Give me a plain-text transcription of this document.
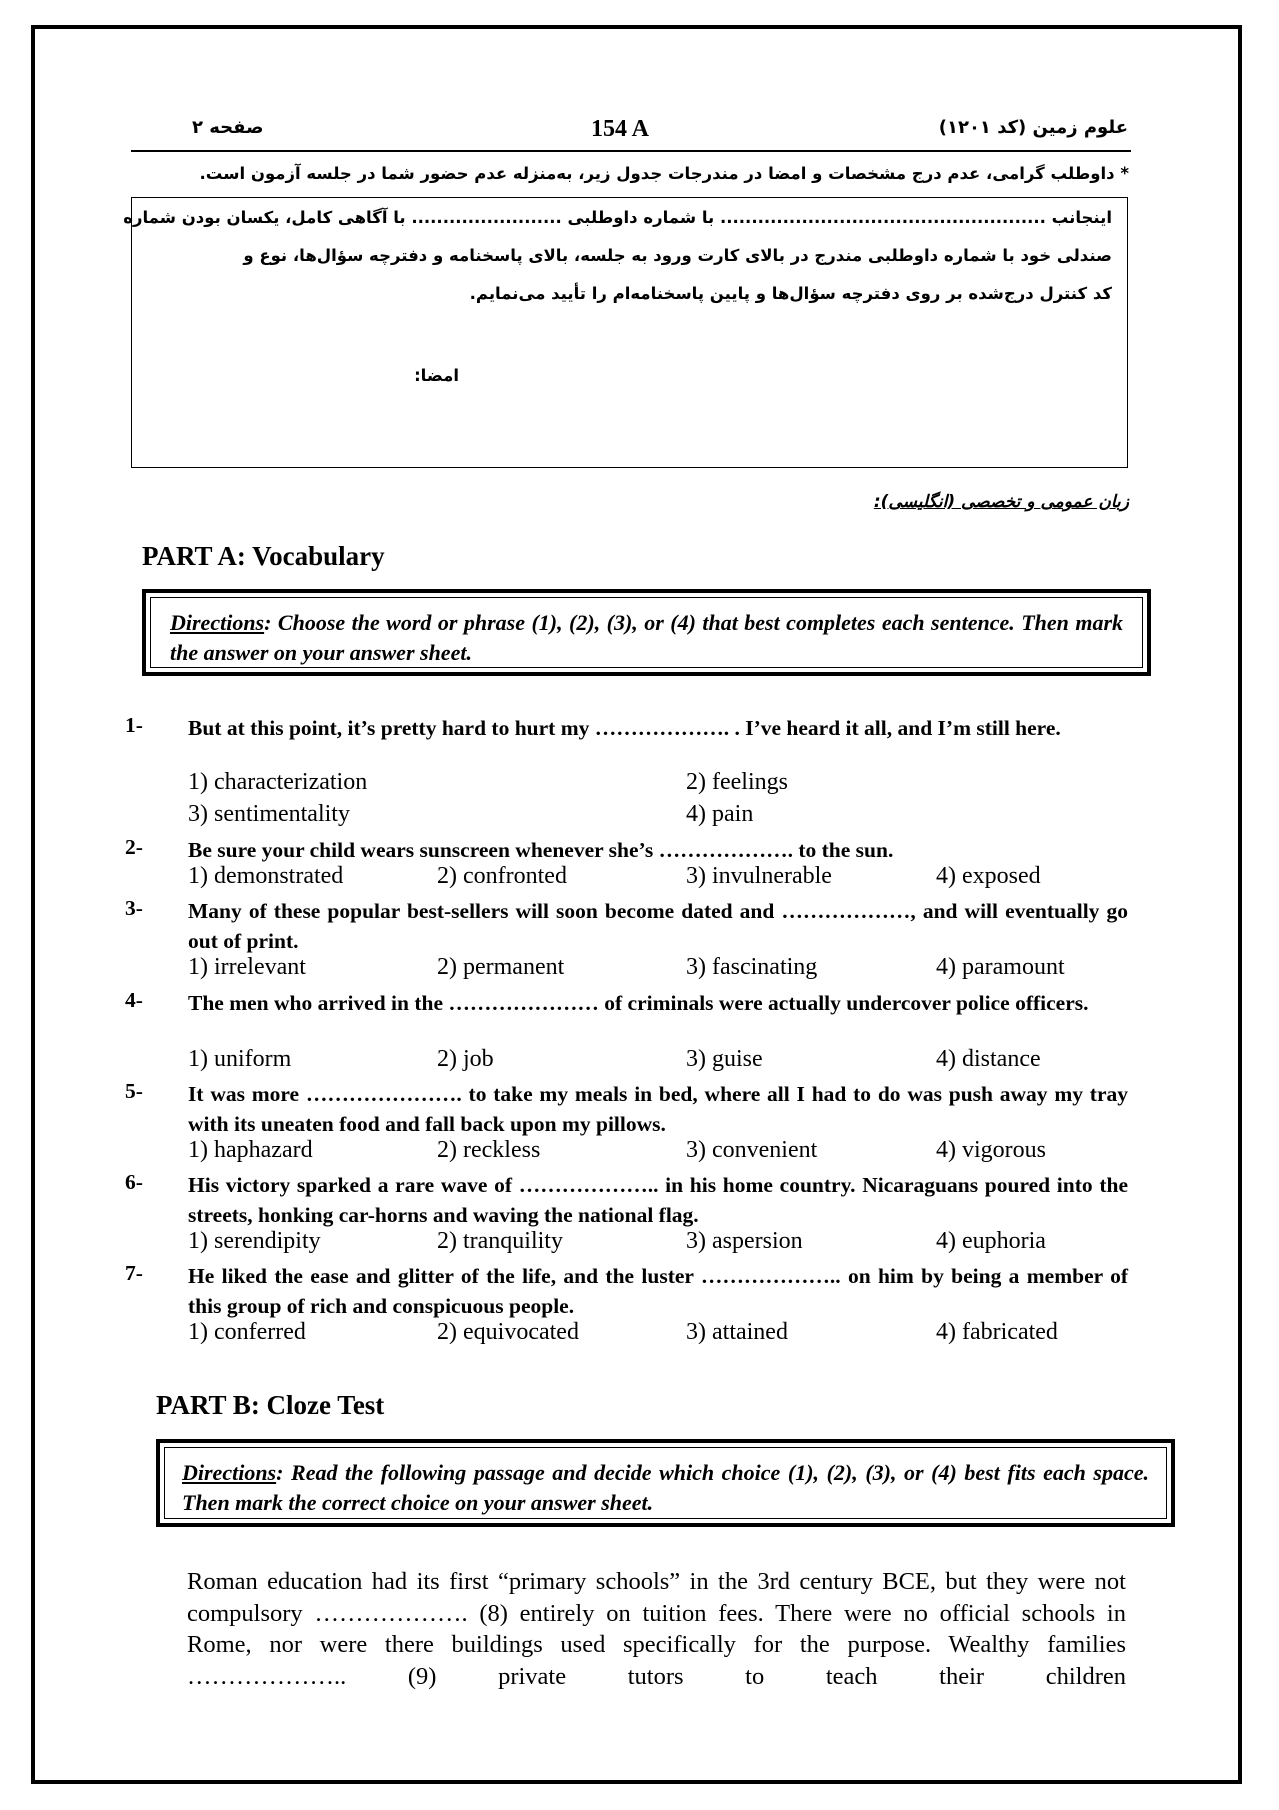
علوم زمین (کد ۱۲۰۱)
154 A
صفحه ۲
* داوطلب گرامی، عدم درج مشخصات و امضا در مندرجات جدول زیر، به‌منزله عدم حضور شما در جلسه آزمون است.
اینجانب .................................................... با شماره داوطلبی ........................ با آگاهی کامل، یکسان بودن شماره
صندلی خود با شماره داوطلبی مندرج در بالای کارت ورود به جلسه، بالای پاسخنامه و دفترچه سؤال‌ها، نوع و
کد کنترل درج‌شده بر روی دفترچه سؤال‌ها و پایین پاسخنامه‌ام را تأیید می‌نمایم.
امضا:
زبان عمومی و تخصصی (انگلیسی):
PART A: Vocabulary
Directions: Choose the word or phrase (1), (2), (3), or (4) that best completes each sentence. Then mark the answer on your answer sheet.
1- But at this point, it’s pretty hard to hurt my ………………. . I’ve heard it all, and I’m still here.
1) characterization	2) feelings
3) sentimentality	4) pain
2- Be sure your child wears sunscreen whenever she’s ………………. to the sun.
1) demonstrated	2) confronted	3) invulnerable	4) exposed
3- Many of these popular best-sellers will soon become dated and ………………, and will eventually go out of print.
1) irrelevant	2) permanent	3) fascinating	4) paramount
4- The men who arrived in the ………………… of criminals were actually undercover police officers.
1) uniform	2) job	3) guise	4) distance
5- It was more …………………. to take my meals in bed, where all I had to do was push away my tray with its uneaten food and fall back upon my pillows.
1) haphazard	2) reckless	3) convenient	4) vigorous
6- His victory sparked a rare wave of ……………….. in his home country. Nicaraguans poured into the streets, honking car-horns and waving the national flag.
1) serendipity	2) tranquility	3) aspersion	4) euphoria
7- He liked the ease and glitter of the life, and the luster ……………….. on him by being a member of this group of rich and conspicuous people.
1) conferred	2) equivocated	3) attained	4) fabricated
PART B: Cloze Test
Directions: Read the following passage and decide which choice (1), (2), (3), or (4) best fits each space. Then mark the correct choice on your answer sheet.
Roman education had its first “primary schools” in the 3rd century BCE, but they were not compulsory ………………. (8) entirely on tuition fees. There were no official schools in Rome, nor were there buildings used specifically for the purpose. Wealthy families ……………….. (9) private tutors to teach their children
